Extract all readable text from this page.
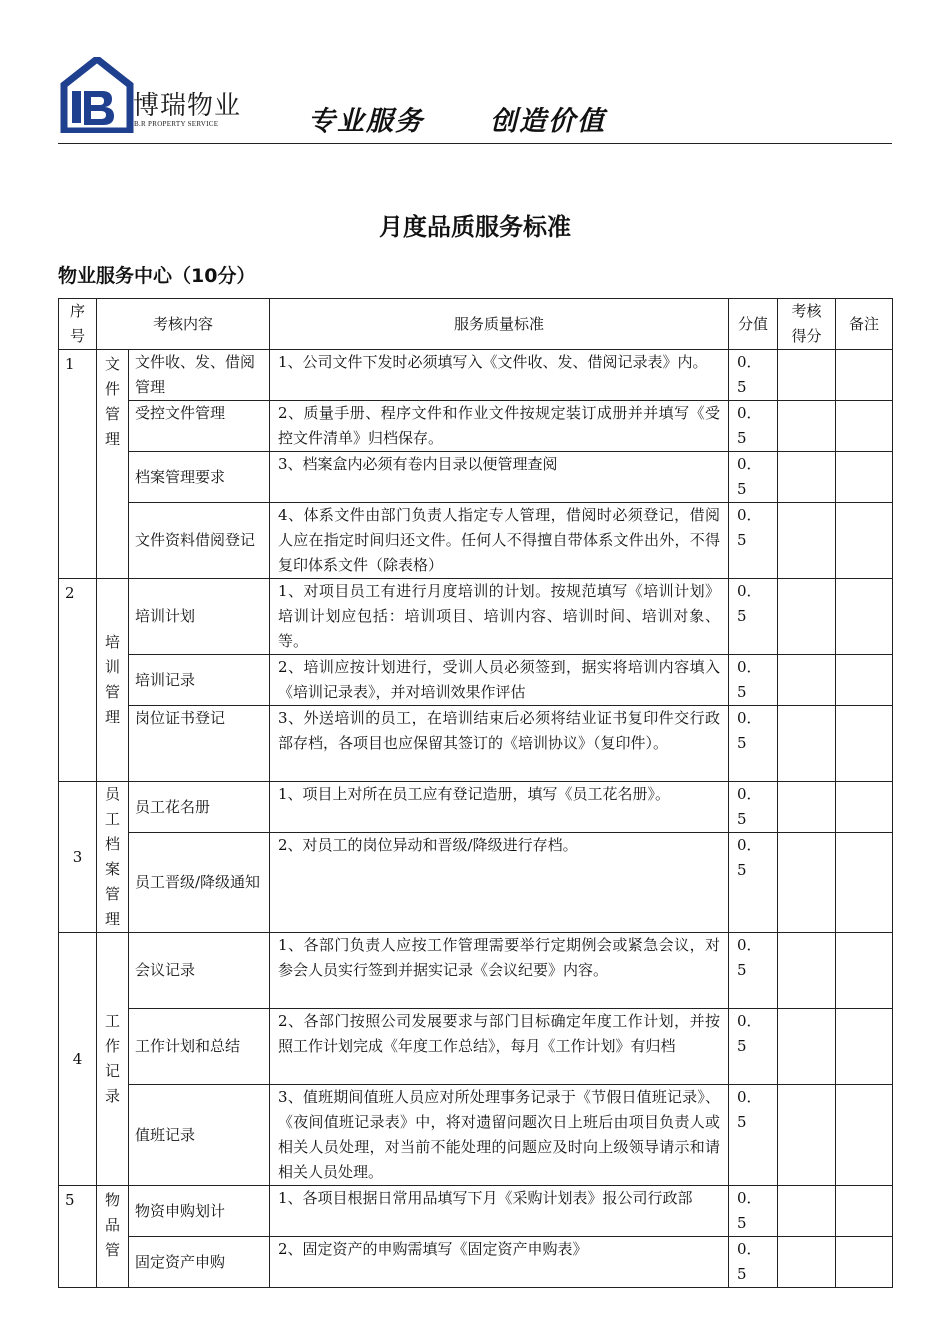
博瑞物业
B.R PROPERTY SERVICE	专业服务 创造价值
月度品质服务标准
物业服务中心（10分）
序号	考核内容		服务质量标准	分值	考核得分	备注
1	文件管理	文件收、发、借阅管理	1、公司文件下发时必须填写入《文件收、发、借阅记录表》内。	0．5		
		受控文件管理	2、质量手册、程序文件和作业文件按规定装订成册并并填写《受控文件清单》归档保存。	0．5		
		档案管理要求	3、档案盒内必须有卷内目录以便管理查阅	0．5		
		文件资料借阅登记	4、体系文件由部门负责人指定专人管理，借阅时必须登记，借阅人应在指定时间归还文件。任何人不得擅自带体系文件出外，不得复印体系文件（除表格）	0．5		
2	培训管理	培训计划	1、对项目员工有进行月度培训的计划。按规范填写《培训计划》培训计划应包括：培训项目、培训内容、培训时间、培训对象、等。	0．5		
		培训记录	2、培训应按计划进行，受训人员必须签到，据实将培训内容填入《培训记录表》，并对培训效果作评估	0．5		
		岗位证书登记	3、外送培训的员工，在培训结束后必须将结业证书复印件交行政部存档，各项目也应保留其签订的《培训协议》（复印件）。	0．5		
3	员工档案管理	员工花名册	1、项目上对所在员工应有登记造册，填写《员工花名册》。	0．5		
		员工晋级/降级通知	2、对员工的岗位异动和晋级/降级进行存档。	0．5		
4	工作记录	会议记录	1、各部门负责人应按工作管理需要举行定期例会或紧急会议，对参会人员实行签到并据实记录《会议纪要》内容。	0．5		
		工作计划和总结	2、各部门按照公司发展要求与部门目标确定年度工作计划，并按照工作计划完成《年度工作总结》，每月《工作计划》有归档	0．5		
		值班记录	3、值班期间值班人员应对所处理事务记录于《节假日值班记录》、《夜间值班记录表》中，将对遗留问题次日上班后由项目负责人或相关人员处理，对当前不能处理的问题应及时向上级领导请示和请相关人员处理。	0．5		
5	物品管	物资申购划计	1、各项目根据日常用品填写下月《采购计划表》报公司行政部	0．5		
		固定资产申购	2、固定资产的申购需填写《固定资产申购表》	0．5		
